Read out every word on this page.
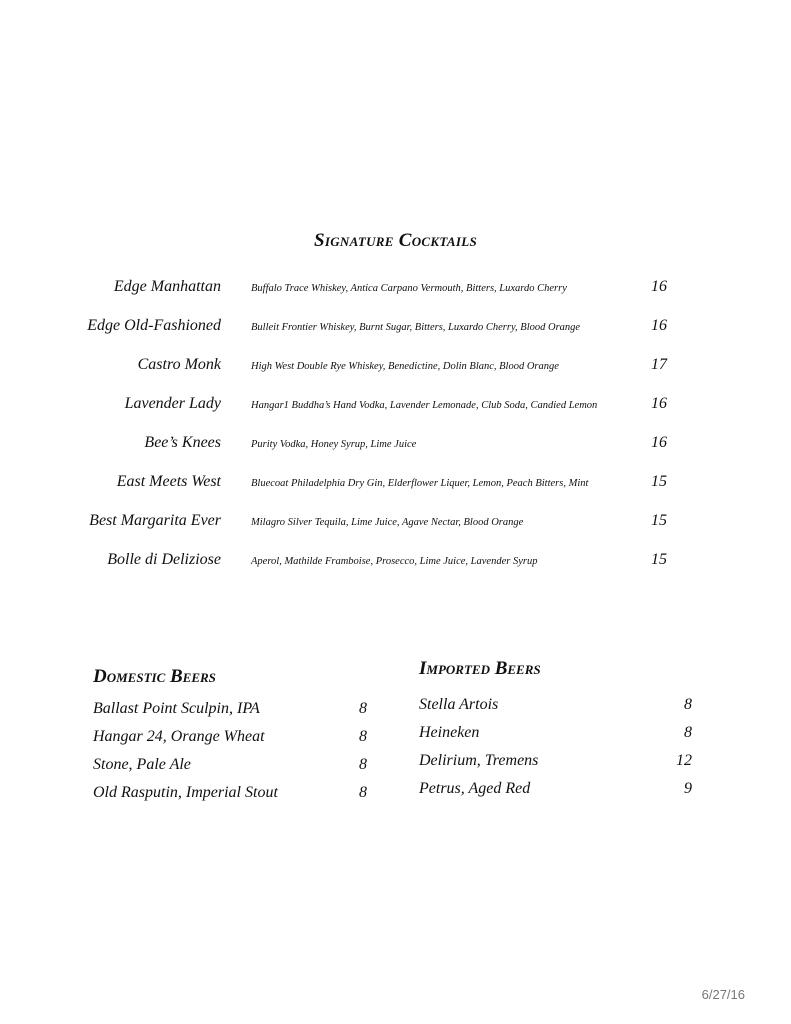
Signature Cocktails
Edge Manhattan	Buffalo Trace Whiskey, Antica Carpano Vermouth, Bitters, Luxardo Cherry	16
Edge Old-Fashioned	Bulleit Frontier Whiskey, Burnt Sugar, Bitters, Luxardo Cherry, Blood Orange	16
Castro Monk	High West Double Rye Whiskey, Benedictine, Dolin Blanc, Blood Orange	17
Lavender Lady	Hangar1 Buddha’s Hand Vodka, Lavender Lemonade, Club Soda, Candied Lemon	16
Bee’s Knees	Purity Vodka, Honey Syrup, Lime Juice	16
East Meets West	Bluecoat Philadelphia Dry Gin, Elderflower Liquer, Lemon, Peach Bitters, Mint	15
Best Margarita Ever	Milagro Silver Tequila, Lime Juice, Agave Nectar, Blood Orange	15
Bolle di Deliziose	Aperol, Mathilde Framboise, Prosecco, Lime Juice, Lavender Syrup	15
Domestic Beers
Ballast Point Sculpin, IPA	8
Hangar 24, Orange Wheat	8
Stone, Pale Ale	8
Old Rasputin, Imperial Stout	8
Imported Beers
Stella Artois	8
Heineken	8
Delirium, Tremens	12
Petrus, Aged Red	9
6/27/16
